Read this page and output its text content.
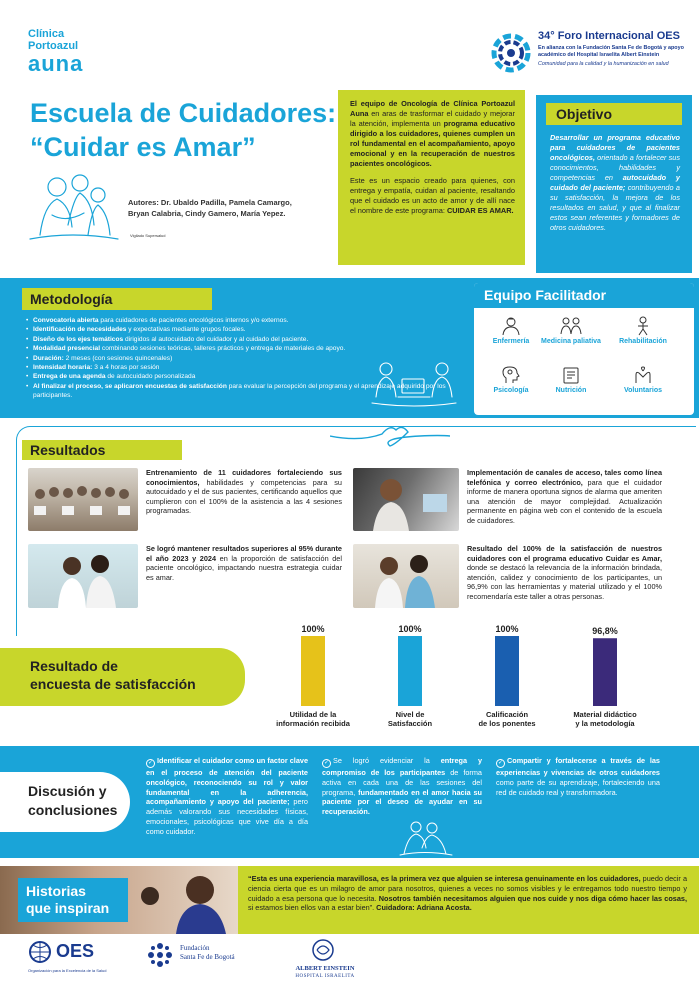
Clínica
Portoazul
auna
34° Foro Internacional OES
En alianza con la Fundación Santa Fe de Bogotá y apoyo académico del Hospital Israelita Albert Einstein
Comunidad para la calidad y la humanización en salud
Escuela de Cuidadores:
“Cuidar es Amar”
Autores: Dr. Ubaldo Padilla, Pamela Camargo, Bryan Calabria, Cindy Gamero, María Yepez.
Vigilado Supersalud

El equipo de Oncología de Clínica Portoazul Auna en aras de trasformar el cuidado y mejorar la atención, implementa un programa educativo dirigido a los cuidadores, quienes cumplen un rol fundamental en el acompañamiento, apoyo emocional y en la recuperación de nuestros pacientes oncológicos.

Este es un espacio creado para quienes, con entrega y empatía, cuidan al paciente, resaltando que el cuidado es un acto de amor y de allí nace el nombre de este programa: CUIDAR ES AMAR.

Objetivo
Desarrollar un programa educativo para cuidadores de pacientes oncológicos, orientado a fortalecer sus conocimientos, habilidades y competencias en autocuidado y cuidado del paciente; contribuyendo a su satisfacción, la mejora de los resultados en salud, y que al finalizar estos sean referentes y formadores de otros cuidadores.
Metodología
• Convocatoria abierta para cuidadores de pacientes oncológicos internos y/o externos.
• Identificación de necesidades y expectativas mediante grupos focales.
• Diseño de los ejes temáticos dirigidos al autocuidado del cuidador y al cuidado del paciente.
• Modalidad presencial combinando sesiones teóricas, talleres prácticos y entrega de materiales de apoyo.
• Duración: 2 meses (con sesiones quincenales)
• Intensidad horaria: 3 a 4 horas por sesión
• Entrega de una agenda de autocuidado personalizada
• Al finalizar el proceso, se aplicaron encuestas de satisfacción para evaluar la percepción del programa y el aprendizaje adquirido por los participantes.
Equipo Facilitador
Enfermería	Medicina paliativa	Rehabilitación
Psicología	Nutrición	Voluntarios
Resultados
Entrenamiento de 11 cuidadores fortaleciendo sus conocimientos, habilidades y competencias para su autocuidado y el de sus pacientes, certificando aquellos que cumplieron con el 100% de la asistencia a las 4 sesiones programadas.
Implementación de canales de acceso, tales como línea telefónica y correo electrónico, para que el cuidador informe de manera oportuna signos de alarma que ameriten una atención de mayor complejidad. Actualización permanente en página web con el contenido de la escuela de cuidadores.
Se logró mantener resultados superiores al 95% durante el año 2023 y 2024 en la proporción de satisfacción del paciente oncológico, impactando nuestra estrategia cuidar es amar.
Resultado del 100% de la satisfacción de nuestros cuidadores con el programa educativo Cuidar es Amar, donde se destacó la relevancia de la información brindada, atención, calidez y conocimiento de los participantes, un 96,9% con las herramientas y material utilizado y el 100% recomendaría este taller a otras personas.
Resultado de
encuesta de satisfacción
100%	100%	100%	96,8%
Utilidad de la
información recibida
Nivel de
Satisfacción
Calificación
de los ponentes
Material didáctico
y la metodología
Discusión y
conclusiones
✓ Identificar el cuidador como un factor clave en el proceso de atención del paciente oncológico, reconociendo su rol y valor fundamental en la adherencia, acompañamiento y apoyo del paciente; pero además valorando sus necesidades físicas, emocionales, psicológicas que vive día a día como cuidador.
✓ Se logró evidenciar la entrega y compromiso de los participantes de forma activa en cada una de las sesiones del programa, fundamentado en el amor hacia su paciente por el deseo de ayudar en su recuperación.
✓ Compartir y fortalecerse a través de las experiencias y vivencias de otros cuidadores como parte de su aprendizaje, fortaleciendo una red de cuidado real y transformadora.
Historias
que inspiran
“Esta es una experiencia maravillosa, es la primera vez que alguien se interesa genuinamente en los cuidadores, puedo decir a ciencia cierta que es un milagro de amor para nosotros, quienes a veces no somos visibles y le entregamos todo nuestro tiempo y cuidado a esa persona que lo necesita. Nosotros también necesitamos alguien que nos cuide y nos diga cómo hacer las cosas, si estamos bien ellos van a estar bien”. Cuidadora: Adriana Acosta.
OES
Organización para la Excelencia de la Salud
Fundación
Santa Fe de Bogotá
ALBERT EINSTEIN
HOSPITAL ISRAELITA
